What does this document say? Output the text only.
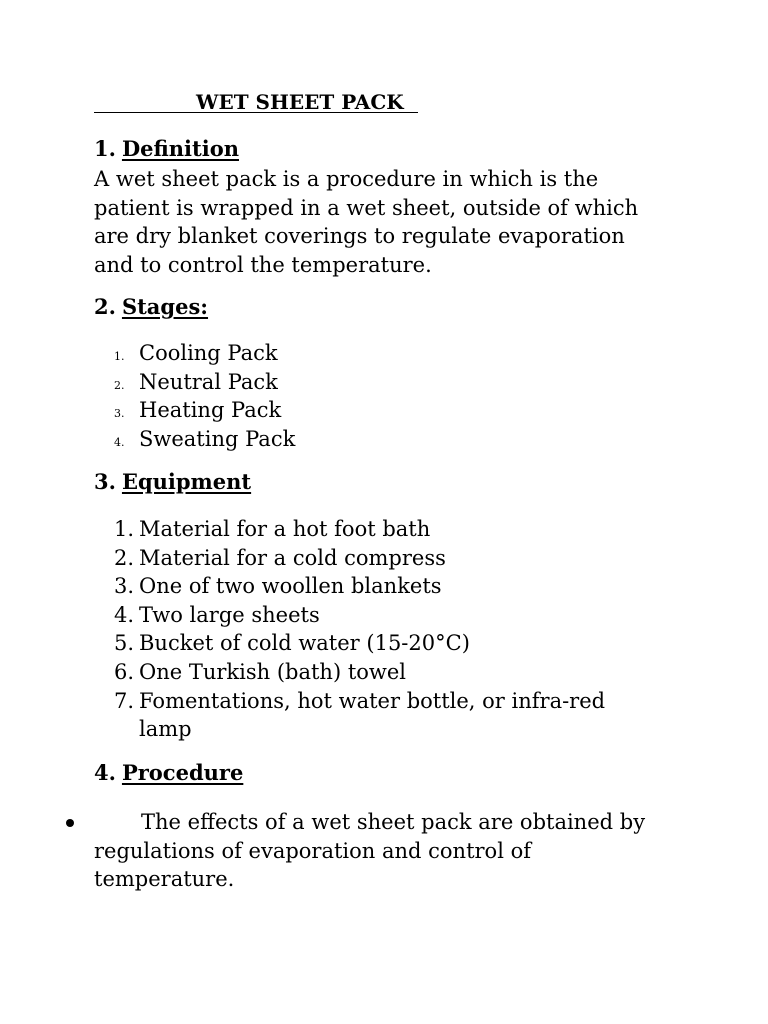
WET SHEET PACK
1. Definition
A wet sheet pack is a procedure in which is the patient is wrapped in a wet sheet, outside of which are dry blanket coverings to regulate evaporation and to control the temperature.
2. Stages:
1. Cooling Pack
2. Neutral Pack
3. Heating Pack
4. Sweating Pack
3. Equipment
1. Material for a hot foot bath
2. Material for a cold compress
3. One of two woollen blankets
4. Two large sheets
5. Bucket of cold water (15-20°C)
6. One Turkish (bath) towel
7. Fomentations, hot water bottle, or infra-red lamp
4. Procedure
The effects of a wet sheet pack are obtained by regulations of evaporation and control of temperature.
